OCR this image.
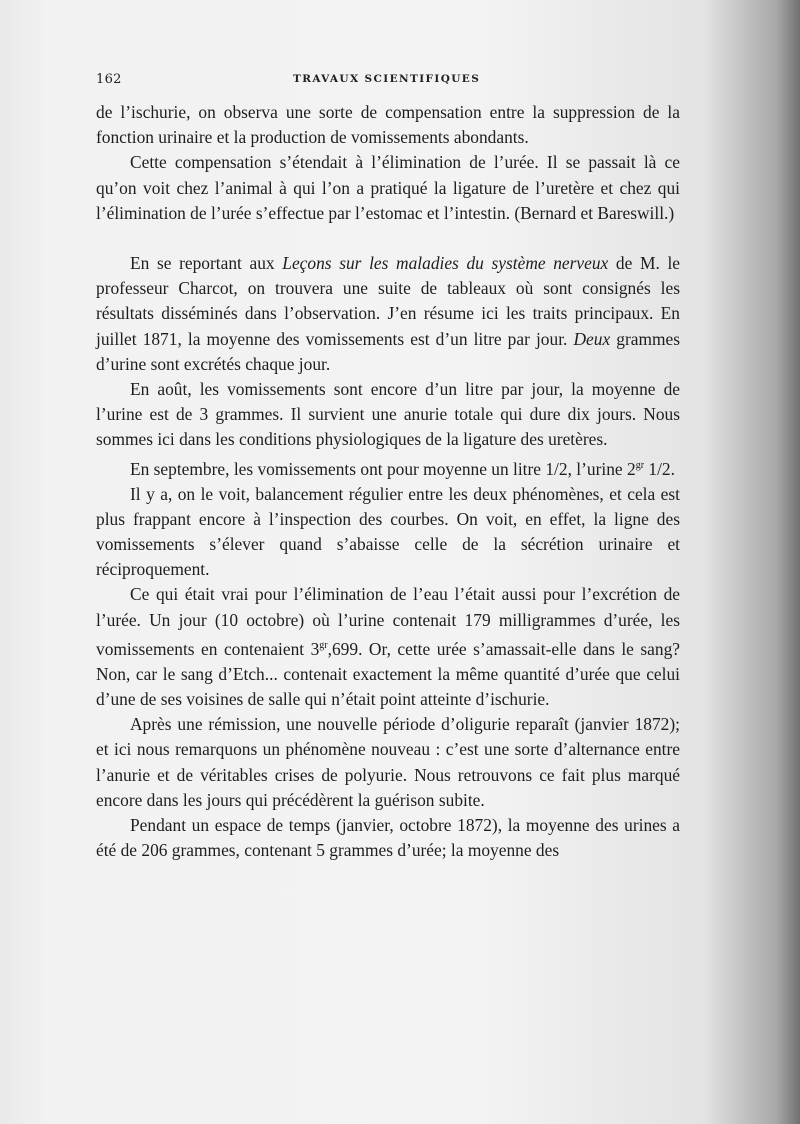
162	TRAVAUX SCIENTIFIQUES

de l’ischurie, on observa une sorte de compensation entre la suppression de la fonction urinaire et la production de vomissements abondants.

Cette compensation s’étendait à l’élimination de l’urée. Il se passait là ce qu’on voit chez l’animal à qui l’on a pratiqué la ligature de l’uretère et chez qui l’élimination de l’urée s’effectue par l’estomac et l’intestin. (Bernard et Bareswill.)

En se reportant aux Leçons sur les maladies du système nerveux de M. le professeur Charcot, on trouvera une suite de tableaux où sont consignés les résultats disséminés dans l’observation. J’en résume ici les traits principaux. En juillet 1871, la moyenne des vomissements est d’un litre par jour. Deux grammes d’urine sont excrétés chaque jour.

En août, les vomissements sont encore d’un litre par jour, la moyenne de l’urine est de 3 grammes. Il survient une anurie totale qui dure dix jours. Nous sommes ici dans les conditions physiologiques de la ligature des uretères.

En septembre, les vomissements ont pour moyenne un litre 1/2, l’urine $2^{gr}$ 1/2.

Il y a, on le voit, balancement régulier entre les deux phénomènes, et cela est plus frappant encore à l’inspection des courbes. On voit, en effet, la ligne des vomissements s’élever quand s’abaisse celle de la sécrétion urinaire et réciproquement.

Ce qui était vrai pour l’élimination de l’eau l’était aussi pour l’excrétion de l’urée. Un jour (10 octobre) où l’urine contenait 179 milligrammes d’urée, les vomissements en contenaient $3^{gr},699$. Or, cette urée s’amassait-elle dans le sang? Non, car le sang d’Etch... contenait exactement la même quantité d’urée que celui d’une de ses voisines de salle qui n’était point atteinte d’ischurie.

Après une rémission, une nouvelle période d’oligurie reparaît (janvier 1872); et ici nous remarquons un phénomène nouveau : c’est une sorte d’alternance entre l’anurie et de véritables crises de polyurie. Nous retrouvons ce fait plus marqué encore dans les jours qui précédèrent la guérison subite.

Pendant un espace de temps (janvier, octobre 1872), la moyenne des urines a été de 206 grammes, contenant 5 grammes d’urée; la moyenne des
